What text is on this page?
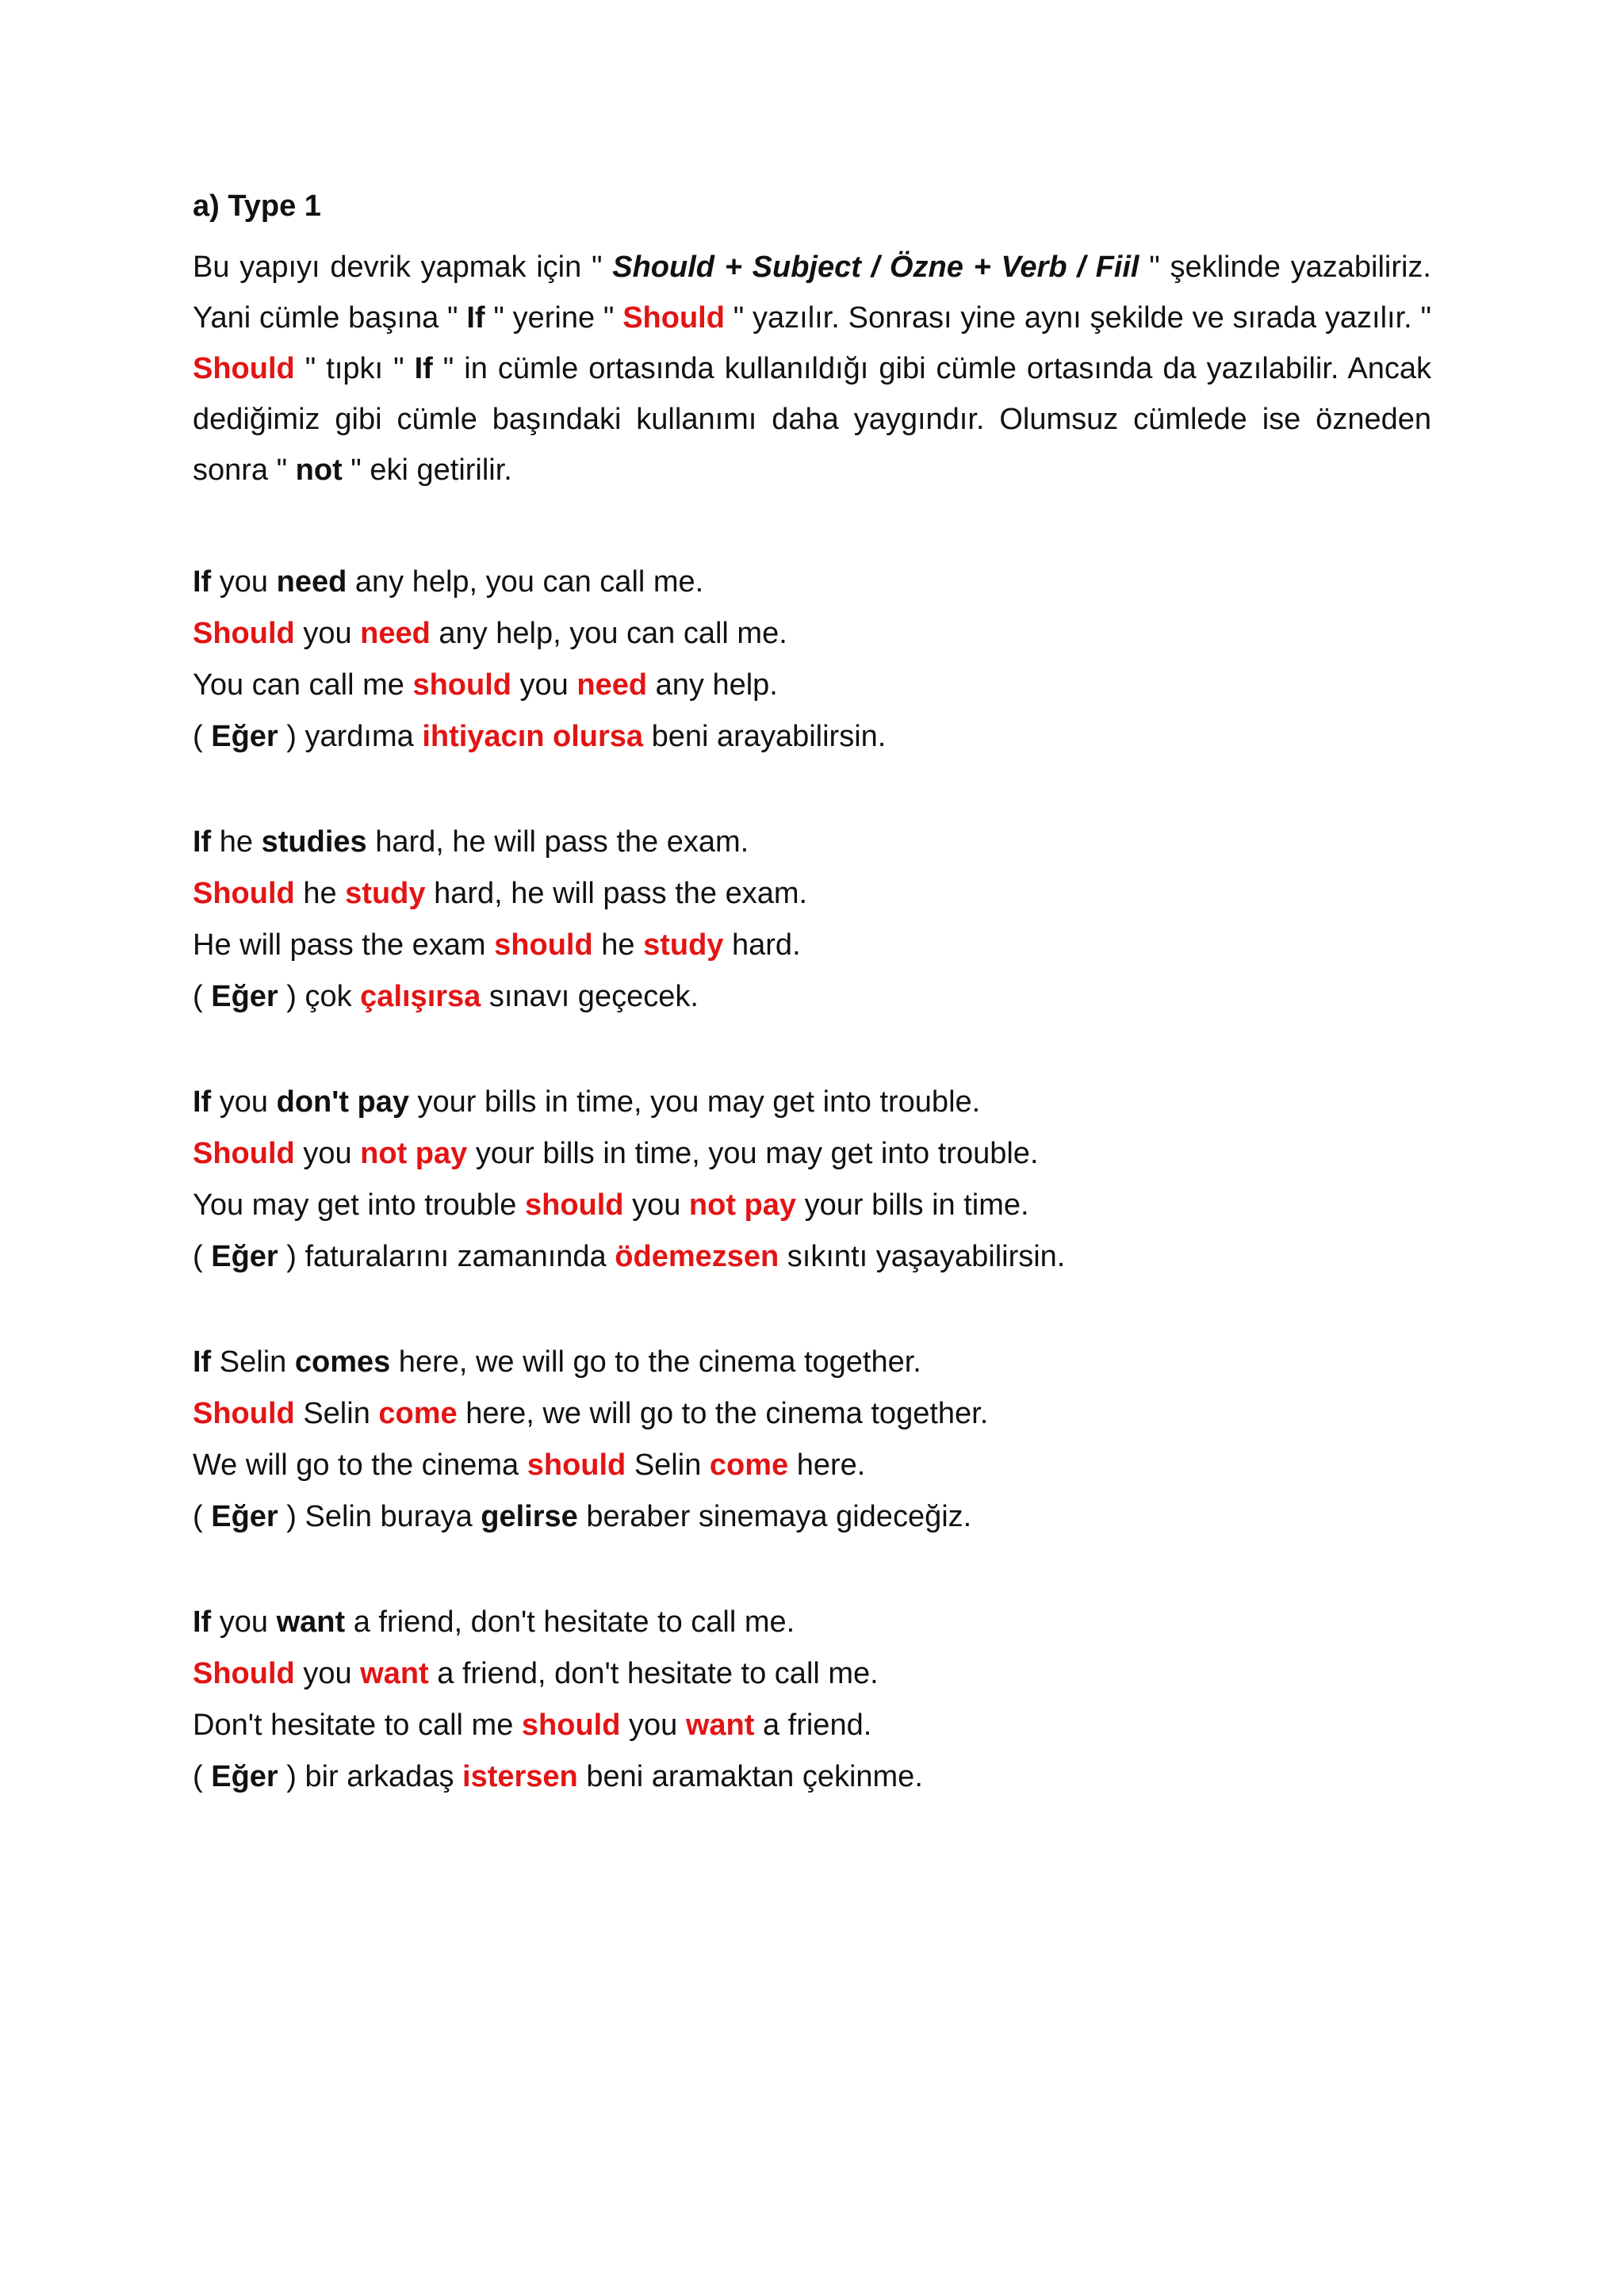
a) Type 1
Bu yapıyı devrik yapmak için " Should + Subject / Özne + Verb / Fiil " şeklinde yazabiliriz. Yani cümle başına " If " yerine " Should " yazılır. Sonrası yine aynı şekilde ve sırada yazılır. " Should " tıpkı " If " in cümle ortasında kullanıldığı gibi cümle ortasında da yazılabilir. Ancak dediğimiz gibi cümle başındaki kullanımı daha yaygındır. Olumsuz cümlede ise özneden sonra " not " eki getirilir.
If you need any help, you can call me.
Should you need any help, you can call me.
You can call me should you need any help.
( Eğer ) yardıma ihtiyacın olursa beni arayabilirsin.
If he studies hard, he will pass the exam.
Should he study hard, he will pass the exam.
He will pass the exam should he study hard.
( Eğer ) çok çalışırsa sınavı geçecek.
If you don't pay your bills in time, you may get into trouble.
Should you not pay your bills in time, you may get into trouble.
You may get into trouble should you not pay your bills in time.
( Eğer ) faturalarını zamanında ödemezsen sıkıntı yaşayabilirsin.
If Selin comes here, we will go to the cinema together.
Should Selin come here, we will go to the cinema together.
We will go to the cinema should Selin come here.
( Eğer ) Selin buraya gelirse beraber sinemaya gideceğiz.
If you want a friend, don't hesitate to call me.
Should you want a friend, don't hesitate to call me.
Don't hesitate to call me should you want a friend.
( Eğer ) bir arkadaş istersen beni aramaktan çekinme.
